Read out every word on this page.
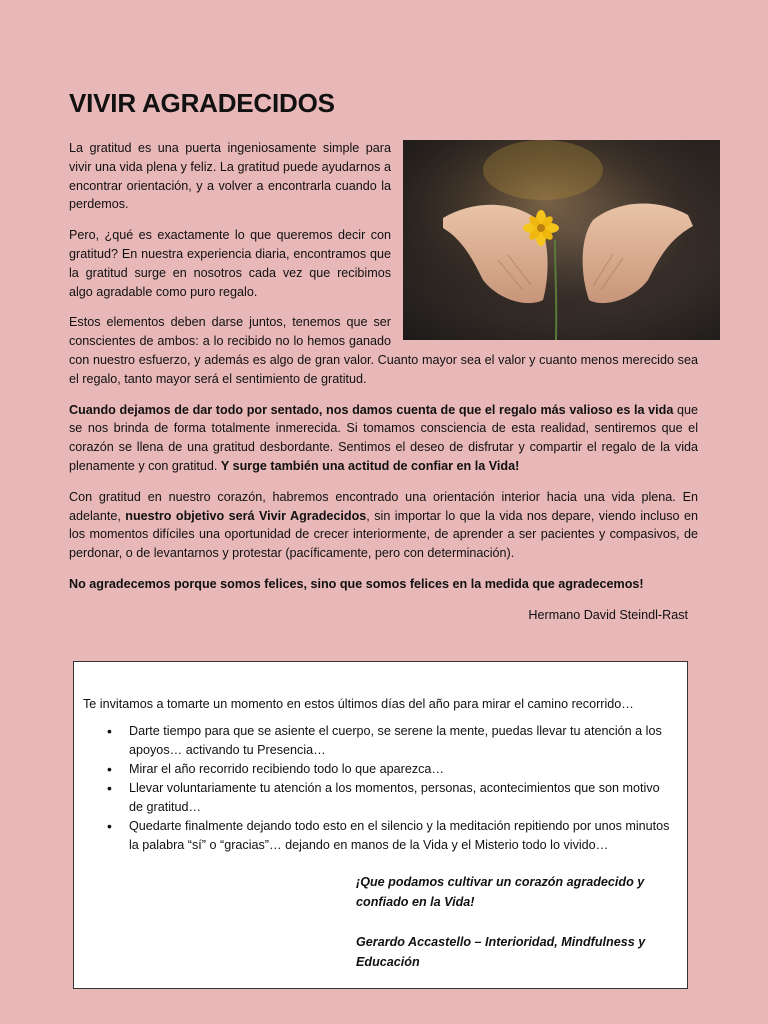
VIVIR AGRADECIDOS

La gratitud es una puerta ingeniosamente simple para vivir una vida plena y feliz. La gratitud puede ayudarnos a encontrar orientación, y a volver a encontrarla cuando la perdemos.

Pero, ¿qué es exactamente lo que queremos decir con gratitud? En nuestra experiencia diaria, encontramos que la gratitud surge en nosotros cada vez que recibimos algo agradable como puro regalo.

Estos elementos deben darse juntos, tenemos que ser conscientes de ambos: a lo recibido no lo hemos ganado con nuestro esfuerzo, y además es algo de gran valor. Cuanto mayor sea el valor y cuanto menos merecido sea el regalo, tanto mayor será el sentimiento de gratitud.

Cuando dejamos de dar todo por sentado, nos damos cuenta de que el regalo más valioso es la vida que se nos brinda de forma totalmente inmerecida. Si tomamos consciencia de esta realidad, sentiremos que el corazón se llena de una gratitud desbordante. Sentimos el deseo de disfrutar y compartir el regalo de la vida plenamente y con gratitud. Y surge también una actitud de confiar en la Vida!

Con gratitud en nuestro corazón, habremos encontrado una orientación interior hacia una vida plena. En adelante, nuestro objetivo será Vivir Agradecidos, sin importar lo que la vida nos depare, viendo incluso en los momentos difíciles una oportunidad de crecer interiormente, de aprender a ser pacientes y compasivos, de perdonar, o de levantarnos y protestar (pacíficamente, pero con determinación).

No agradecemos porque somos felices, sino que somos felices en la medida que agradecemos!

Hermano David Steindl-Rast

Te invitamos a tomarte un momento en estos últimos días del año para mirar el camino recorrido…

• Darte tiempo para que se asiente el cuerpo, se serene la mente, puedas llevar tu atención a los apoyos… activando tu Presencia…
• Mirar el año recorrido recibiendo todo lo que aparezca…
• Llevar voluntariamente tu atención a los momentos, personas, acontecimientos que son motivo de gratitud…
• Quedarte finalmente dejando todo esto en el silencio y la meditación repitiendo por unos minutos la palabra “sí” o “gracias”… dejando en manos de la Vida y el Misterio todo lo vivido…

¡Que podamos cultivar un corazón agradecido y confiado en la Vida!

Gerardo Accastello – Interioridad, Mindfulness y Educación
